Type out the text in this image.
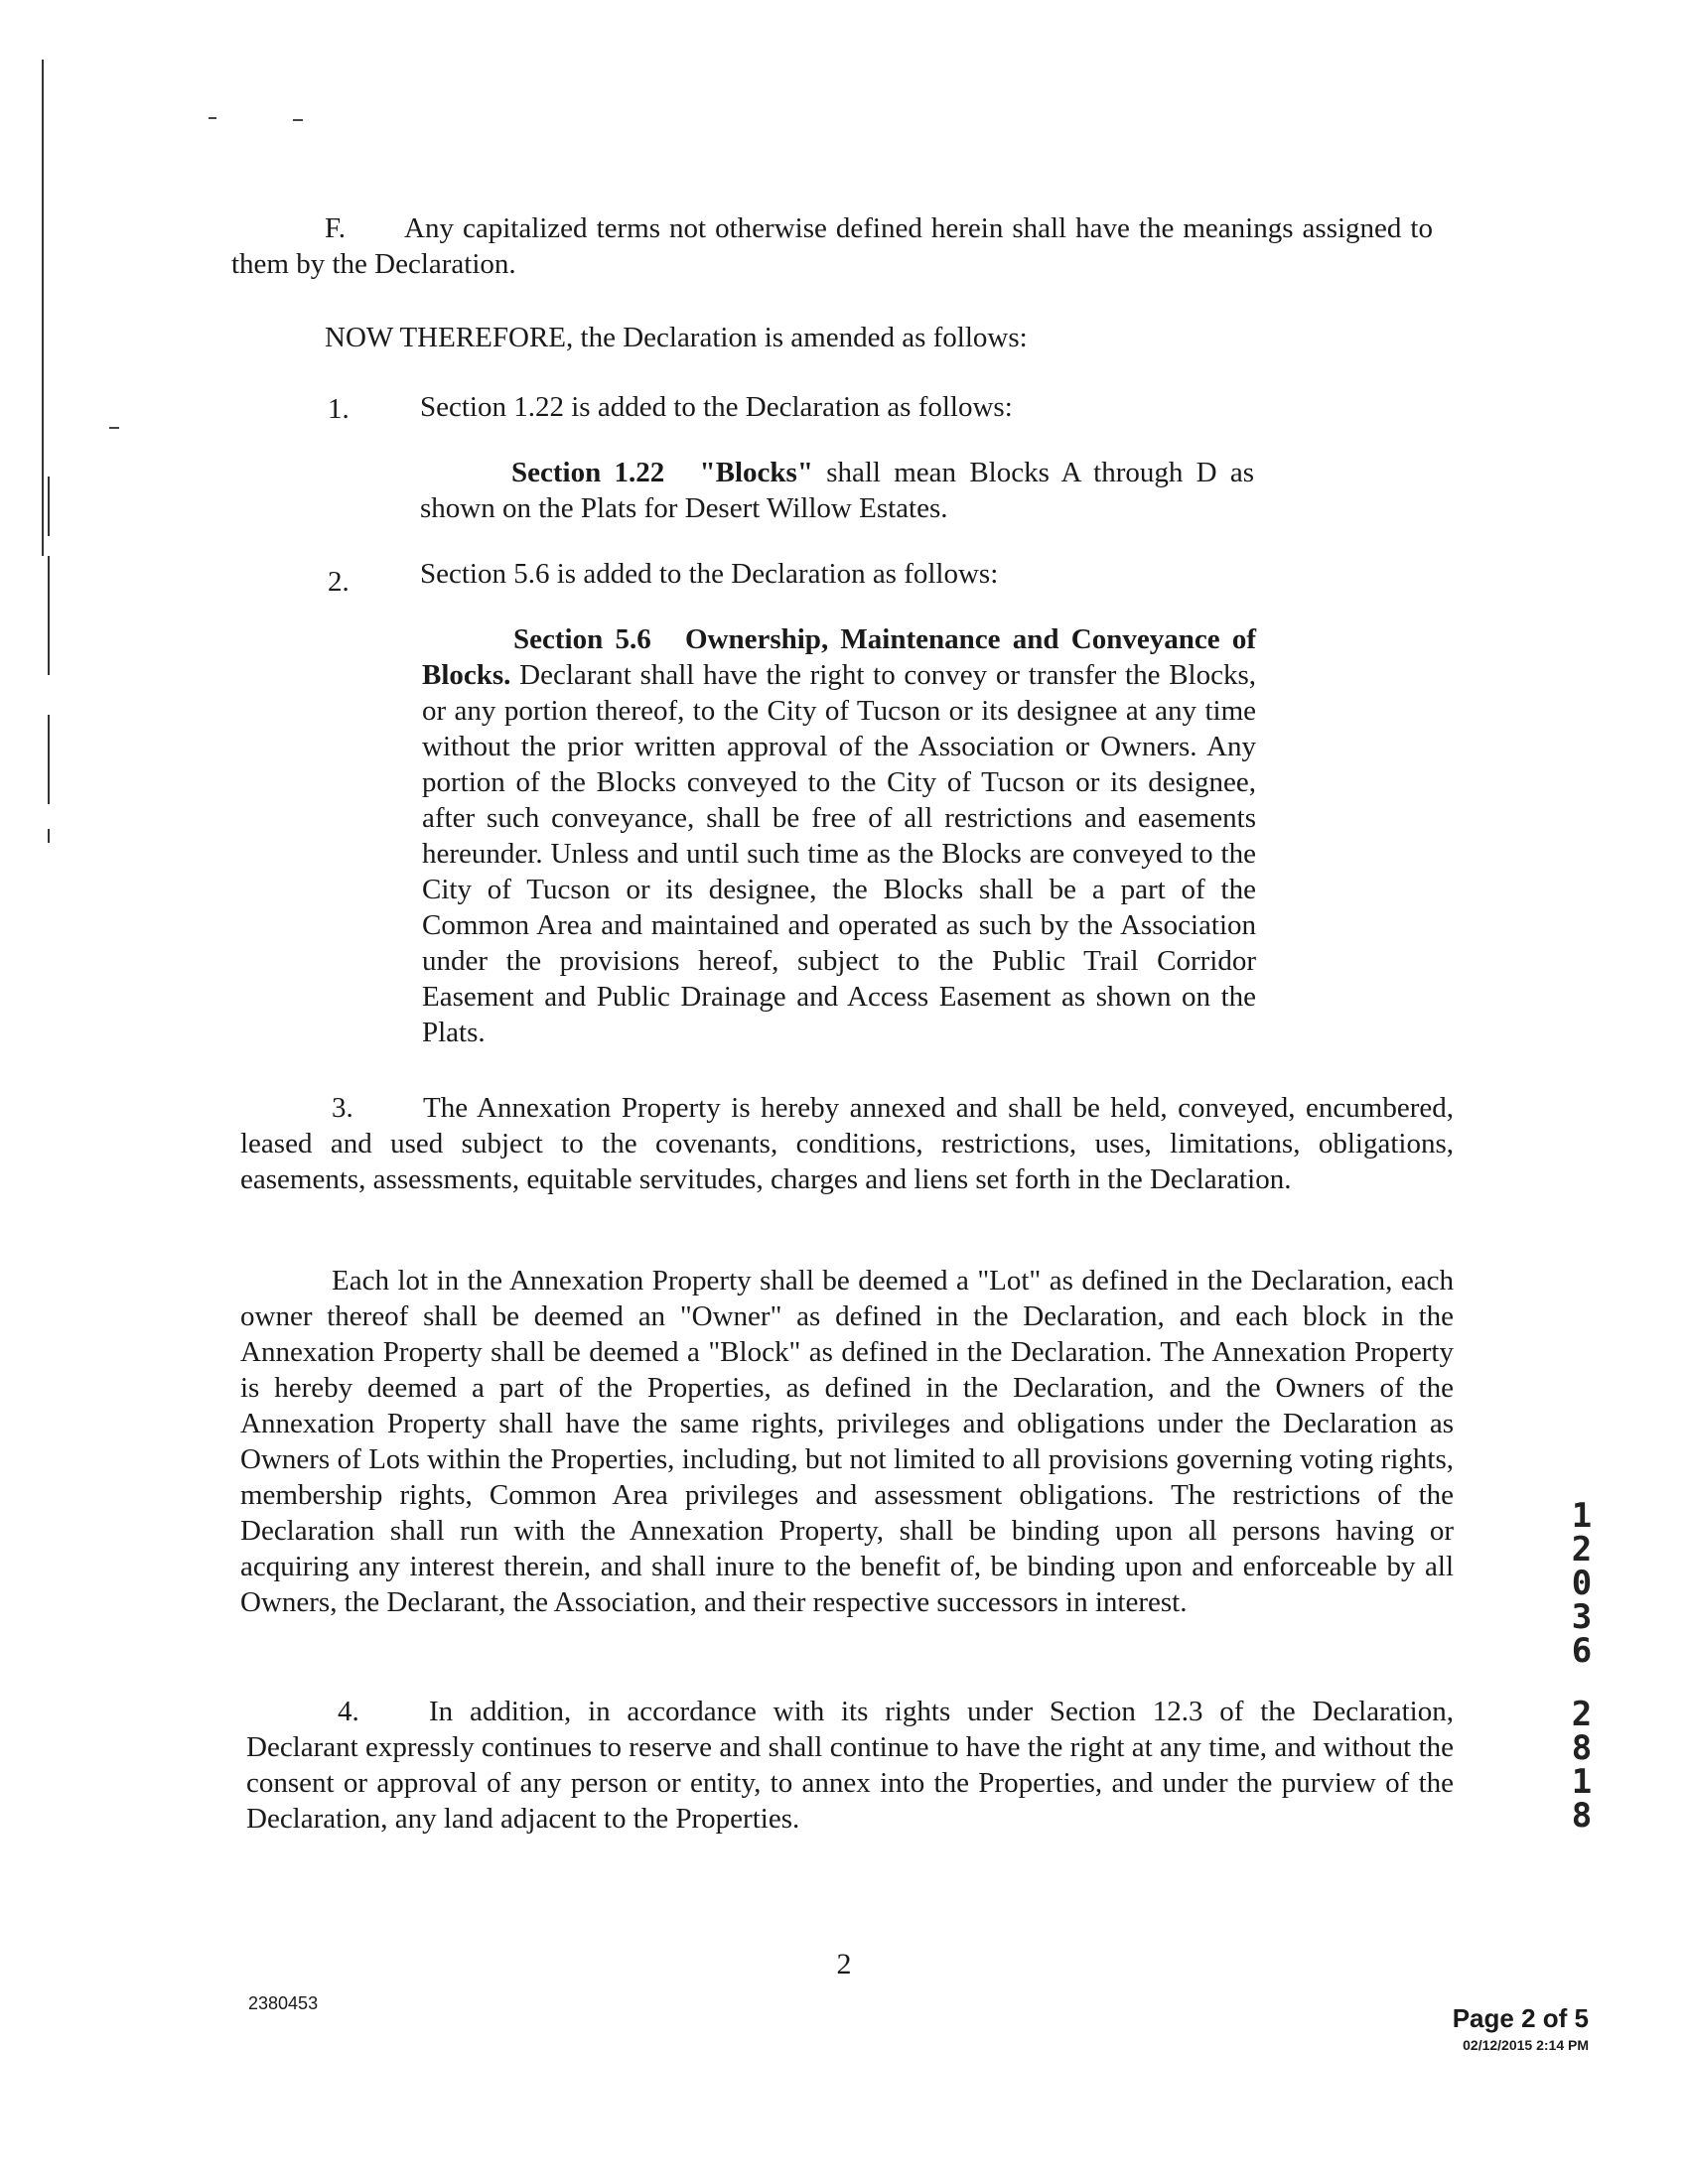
F. Any capitalized terms not otherwise defined herein shall have the meanings assigned to them by the Declaration.
NOW THEREFORE, the Declaration is amended as follows:
1. Section 1.22 is added to the Declaration as follows:
Section 1.22 "Blocks" shall mean Blocks A through D as shown on the Plats for Desert Willow Estates.
2. Section 5.6 is added to the Declaration as follows:
Section 5.6 Ownership, Maintenance and Conveyance of Blocks. Declarant shall have the right to convey or transfer the Blocks, or any portion thereof, to the City of Tucson or its designee at any time without the prior written approval of the Association or Owners. Any portion of the Blocks conveyed to the City of Tucson or its designee, after such conveyance, shall be free of all restrictions and easements hereunder. Unless and until such time as the Blocks are conveyed to the City of Tucson or its designee, the Blocks shall be a part of the Common Area and maintained and operated as such by the Association under the provisions hereof, subject to the Public Trail Corridor Easement and Public Drainage and Access Easement as shown on the Plats.
3. The Annexation Property is hereby annexed and shall be held, conveyed, encumbered, leased and used subject to the covenants, conditions, restrictions, uses, limitations, obligations, easements, assessments, equitable servitudes, charges and liens set forth in the Declaration.
Each lot in the Annexation Property shall be deemed a "Lot" as defined in the Declaration, each owner thereof shall be deemed an "Owner" as defined in the Declaration, and each block in the Annexation Property shall be deemed a "Block" as defined in the Declaration. The Annexation Property is hereby deemed a part of the Properties, as defined in the Declaration, and the Owners of the Annexation Property shall have the same rights, privileges and obligations under the Declaration as Owners of Lots within the Properties, including, but not limited to all provisions governing voting rights, membership rights, Common Area privileges and assessment obligations. The restrictions of the Declaration shall run with the Annexation Property, shall be binding upon all persons having or acquiring any interest therein, and shall inure to the benefit of, be binding upon and enforceable by all Owners, the Declarant, the Association, and their respective successors in interest.
4. In addition, in accordance with its rights under Section 12.3 of the Declaration, Declarant expressly continues to reserve and shall continue to have the right at any time, and without the consent or approval of any person or entity, to annex into the Properties, and under the purview of the Declaration, any land adjacent to the Properties.
1
2
0
3
6
2
8
1
8
2
2380453	Page 2 of 5
02/12/2015 2:14 PM
